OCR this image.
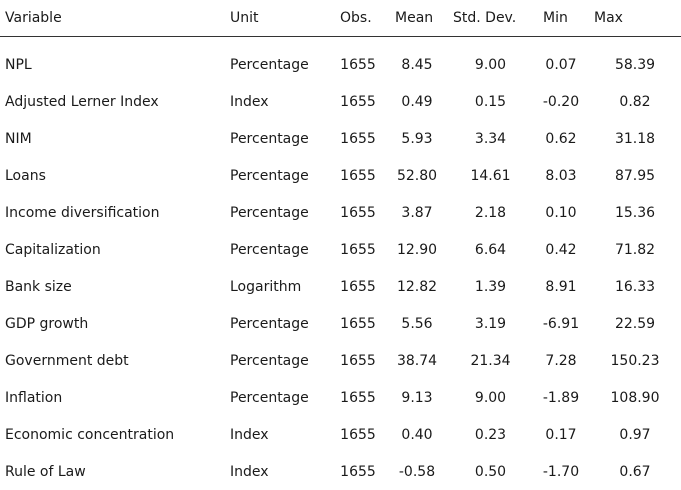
Variable	Unit	Obs.	Mean	Std. Dev.	Min	Max

NPL	Percentage	1655	8.45	9.00	0.07	58.39
Adjusted Lerner Index	Index	1655	0.49	0.15	-0.20	0.82
NIM	Percentage	1655	5.93	3.34	0.62	31.18
Loans	Percentage	1655	52.80	14.61	8.03	87.95
Income diversification	Percentage	1655	3.87	2.18	0.10	15.36
Capitalization	Percentage	1655	12.90	6.64	0.42	71.82
Bank size	Logarithm	1655	12.82	1.39	8.91	16.33
GDP growth	Percentage	1655	5.56	3.19	-6.91	22.59
Government debt	Percentage	1655	38.74	21.34	7.28	150.23
Inflation	Percentage	1655	9.13	9.00	-1.89	108.90
Economic concentration	Index	1655	0.40	0.23	0.17	0.97
Rule of Law	Index	1655	-0.58	0.50	-1.70	0.67
